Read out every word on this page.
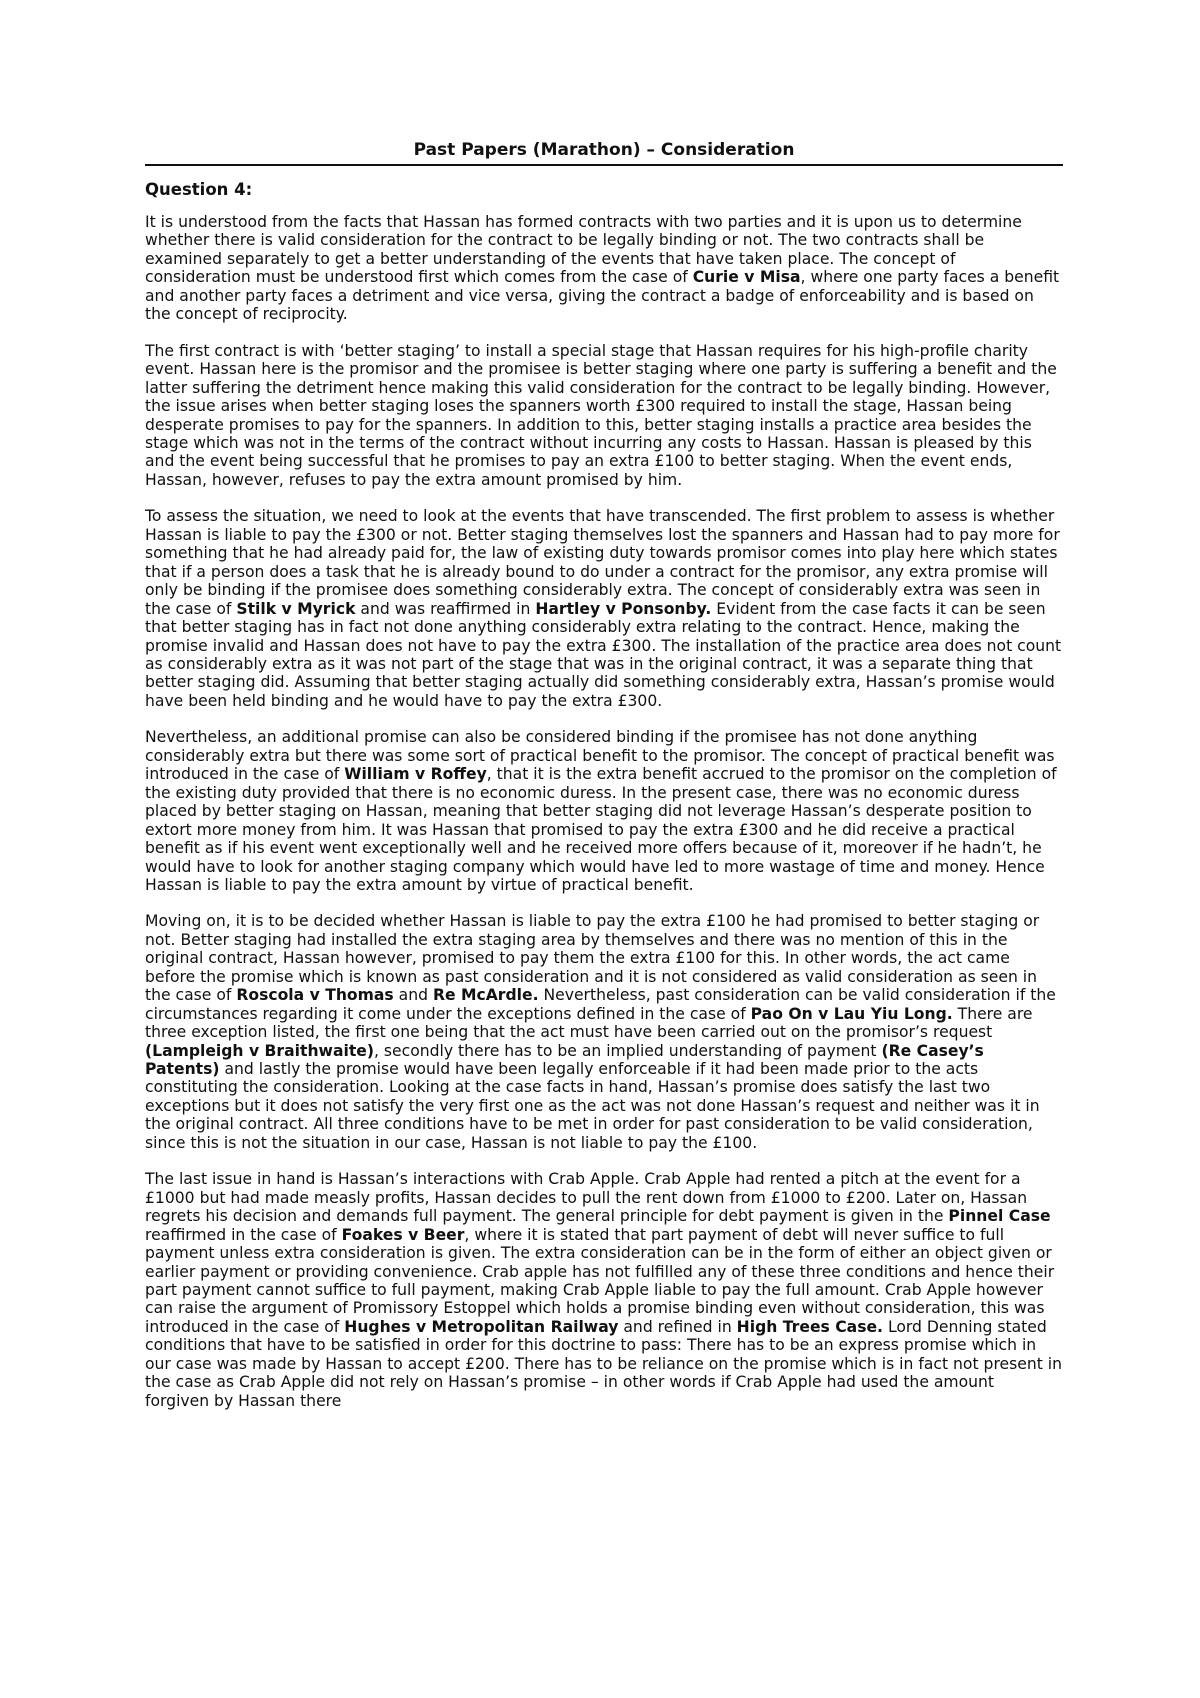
Past Papers (Marathon) – Consideration
Question 4:

It is understood from the facts that Hassan has formed contracts with two parties and it is upon us to determine whether there is valid consideration for the contract to be legally binding or not. The two contracts shall be examined separately to get a better understanding of the events that have taken place. The concept of consideration must be understood first which comes from the case of Curie v Misa, where one party faces a benefit and another party faces a detriment and vice versa, giving the contract a badge of enforceability and is based on the concept of reciprocity.

The first contract is with ‘better staging’ to install a special stage that Hassan requires for his high-profile charity event. Hassan here is the promisor and the promisee is better staging where one party is suffering a benefit and the latter suffering the detriment hence making this valid consideration for the contract to be legally binding. However, the issue arises when better staging loses the spanners worth £300 required to install the stage, Hassan being desperate promises to pay for the spanners. In addition to this, better staging installs a practice area besides the stage which was not in the terms of the contract without incurring any costs to Hassan. Hassan is pleased by this and the event being successful that he promises to pay an extra £100 to better staging. When the event ends, Hassan, however, refuses to pay the extra amount promised by him.

To assess the situation, we need to look at the events that have transcended. The first problem to assess is whether Hassan is liable to pay the £300 or not. Better staging themselves lost the spanners and Hassan had to pay more for something that he had already paid for, the law of existing duty towards promisor comes into play here which states that if a person does a task that he is already bound to do under a contract for the promisor, any extra promise will only be binding if the promisee does something considerably extra. The concept of considerably extra was seen in the case of Stilk v Myrick and was reaffirmed in Hartley v Ponsonby. Evident from the case facts it can be seen that better staging has in fact not done anything considerably extra relating to the contract. Hence, making the promise invalid and Hassan does not have to pay the extra £300. The installation of the practice area does not count as considerably extra as it was not part of the stage that was in the original contract, it was a separate thing that better staging did. Assuming that better staging actually did something considerably extra, Hassan’s promise would have been held binding and he would have to pay the extra £300.

Nevertheless, an additional promise can also be considered binding if the promisee has not done anything considerably extra but there was some sort of practical benefit to the promisor. The concept of practical benefit was introduced in the case of William v Roffey, that it is the extra benefit accrued to the promisor on the completion of the existing duty provided that there is no economic duress. In the present case, there was no economic duress placed by better staging on Hassan, meaning that better staging did not leverage Hassan’s desperate position to extort more money from him. It was Hassan that promised to pay the extra £300 and he did receive a practical benefit as if his event went exceptionally well and he received more offers because of it, moreover if he hadn’t, he would have to look for another staging company which would have led to more wastage of time and money. Hence Hassan is liable to pay the extra amount by virtue of practical benefit.

Moving on, it is to be decided whether Hassan is liable to pay the extra £100 he had promised to better staging or not. Better staging had installed the extra staging area by themselves and there was no mention of this in the original contract, Hassan however, promised to pay them the extra £100 for this. In other words, the act came before the promise which is known as past consideration and it is not considered as valid consideration as seen in the case of Roscola v Thomas and Re McArdle. Nevertheless, past consideration can be valid consideration if the circumstances regarding it come under the exceptions defined in the case of Pao On v Lau Yiu Long. There are three exception listed, the first one being that the act must have been carried out on the promisor’s request (Lampleigh v Braithwaite), secondly there has to be an implied understanding of payment (Re Casey’s Patents) and lastly the promise would have been legally enforceable if it had been made prior to the acts constituting the consideration. Looking at the case facts in hand, Hassan’s promise does satisfy the last two exceptions but it does not satisfy the very first one as the act was not done Hassan’s request and neither was it in the original contract. All three conditions have to be met in order for past consideration to be valid consideration, since this is not the situation in our case, Hassan is not liable to pay the £100.

The last issue in hand is Hassan’s interactions with Crab Apple. Crab Apple had rented a pitch at the event for a £1000 but had made measly profits, Hassan decides to pull the rent down from £1000 to £200. Later on, Hassan regrets his decision and demands full payment. The general principle for debt payment is given in the Pinnel Case reaffirmed in the case of Foakes v Beer, where it is stated that part payment of debt will never suffice to full payment unless extra consideration is given. The extra consideration can be in the form of either an object given or earlier payment or providing convenience. Crab apple has not fulfilled any of these three conditions and hence their part payment cannot suffice to full payment, making Crab Apple liable to pay the full amount. Crab Apple however can raise the argument of Promissory Estoppel which holds a promise binding even without consideration, this was introduced in the case of Hughes v Metropolitan Railway and refined in High Trees Case. Lord Denning stated conditions that have to be satisfied in order for this doctrine to pass: There has to be an express promise which in our case was made by Hassan to accept £200. There has to be reliance on the promise which is in fact not present in the case as Crab Apple did not rely on Hassan’s promise – in other words if Crab Apple had used the amount forgiven by Hassan there
